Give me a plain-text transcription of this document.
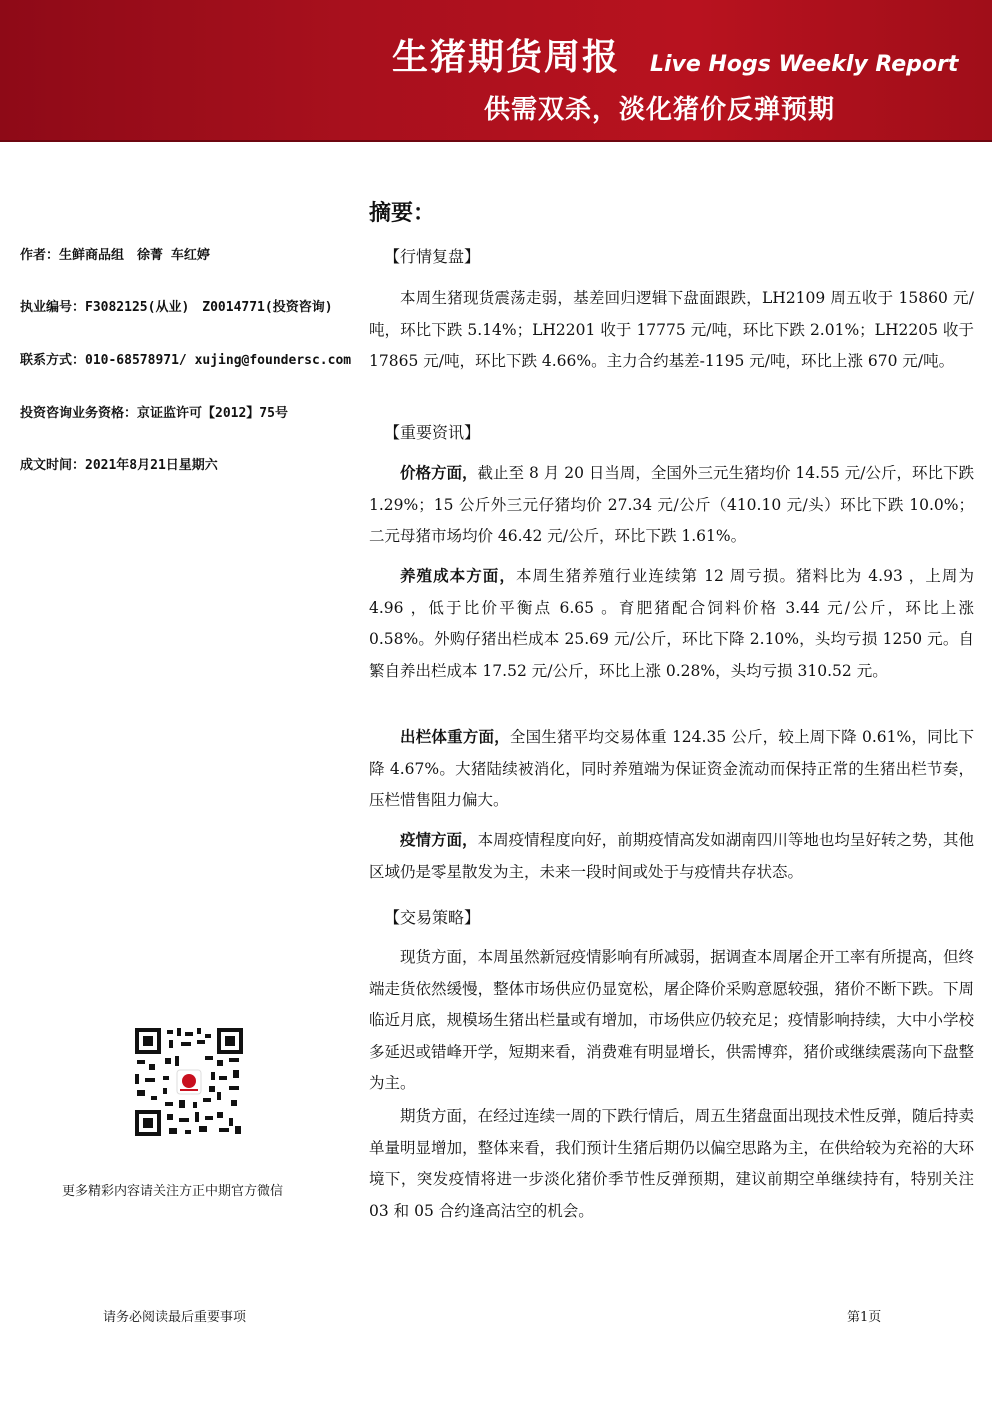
生猪期货周报 Live Hogs Weekly Report
供需双杀，淡化猪价反弹预期
作者：生鲜商品组　徐菁 车红婷
执业编号：F3082125(从业)　Z0014771(投资咨询)
联系方式：010-68578971/ xujing@foundersc.com
投资咨询业务资格：京证监许可【2012】75号
成文时间：2021年8月21日星期六
更多精彩内容请关注方正中期官方微信
摘要：
【行情复盘】
本周生猪现货震荡走弱，基差回归逻辑下盘面跟跌，LH2109 周五收于 15860 元/吨，环比下跌 5.14%；LH2201 收于 17775 元/吨，环比下跌 2.01%；LH2205 收于 17865 元/吨，环比下跌 4.66%。主力合约基差-1195 元/吨，环比上涨 670 元/吨。
【重要资讯】
价格方面，截止至 8 月 20 日当周，全国外三元生猪均价 14.55 元/公斤，环比下跌 1.29%；15 公斤外三元仔猪均价 27.34 元/公斤（410.10 元/头）环比下跌 10.0%；二元母猪市场均价 46.42 元/公斤，环比下跌 1.61%。
养殖成本方面，本周生猪养殖行业连续第 12 周亏损。猪料比为 4.93 ，上周为 4.96 ，低于比价平衡点 6.65 。育肥猪配合饲料价格 3.44 元/公斤，环比上涨 0.58%。外购仔猪出栏成本 25.69 元/公斤，环比下降 2.10%，头均亏损 1250 元。自繁自养出栏成本 17.52 元/公斤，环比上涨 0.28%，头均亏损 310.52 元。
出栏体重方面，全国生猪平均交易体重 124.35 公斤，较上周下降 0.61%，同比下降 4.67%。大猪陆续被消化，同时养殖端为保证资金流动而保持正常的生猪出栏节奏，压栏惜售阻力偏大。
疫情方面，本周疫情程度向好，前期疫情高发如湖南四川等地也均呈好转之势，其他区域仍是零星散发为主，未来一段时间或处于与疫情共存状态。
【交易策略】
现货方面，本周虽然新冠疫情影响有所减弱，据调查本周屠企开工率有所提高，但终端走货依然缓慢，整体市场供应仍显宽松，屠企降价采购意愿较强，猪价不断下跌。下周临近月底，规模场生猪出栏量或有增加，市场供应仍较充足；疫情影响持续，大中小学校多延迟或错峰开学，短期来看，消费难有明显增长，供需博弈，猪价或继续震荡向下盘整为主。
期货方面，在经过连续一周的下跌行情后，周五生猪盘面出现技术性反弹，随后持卖单量明显增加，整体来看，我们预计生猪后期仍以偏空思路为主，在供给较为充裕的大环境下，突发疫情将进一步淡化猪价季节性反弹预期，建议前期空单继续持有，特别关注 03 和 05 合约逢高沽空的机会。
请务必阅读最后重要事项	第1页
